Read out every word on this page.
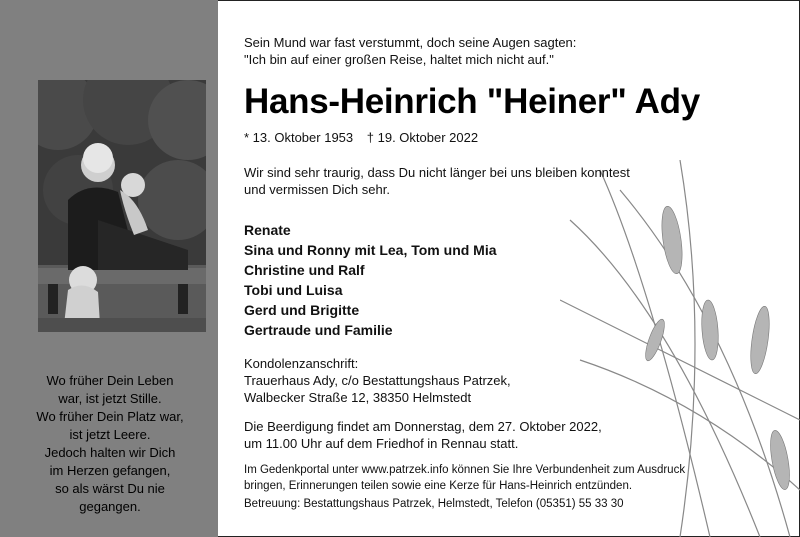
Wo früher Dein Leben
war, ist jetzt Stille.
Wo früher Dein Platz war,
ist jetzt Leere.
Jedoch halten wir Dich
im Herzen gefangen,
so als wärst Du nie
gegangen.
Sein Mund war fast verstummt, doch seine Augen sagten:
"Ich bin auf einer großen Reise, haltet mich nicht auf."
Hans-Heinrich "Heiner" Ady
* 13. Oktober 1953 † 19. Oktober 2022
Wir sind sehr traurig, dass Du nicht länger bei uns bleiben konntest
und vermissen Dich sehr.
Renate
Sina und Ronny mit Lea, Tom und Mia
Christine und Ralf
Tobi und Luisa
Gerd und Brigitte
Gertraude und Familie
Kondolenzanschrift:
Trauerhaus Ady, c/o Bestattungshaus Patrzek,
Walbecker Straße 12, 38350 Helmstedt
Die Beerdigung findet am Donnerstag, dem 27. Oktober 2022,
um 11.00 Uhr auf dem Friedhof in Rennau statt.
Im Gedenkportal unter www.patrzek.info können Sie Ihre Verbundenheit zum Ausdruck
bringen, Erinnerungen teilen sowie eine Kerze für Hans-Heinrich entzünden.
Betreuung: Bestattungshaus Patrzek, Helmstedt, Telefon (05351) 55 33 30
